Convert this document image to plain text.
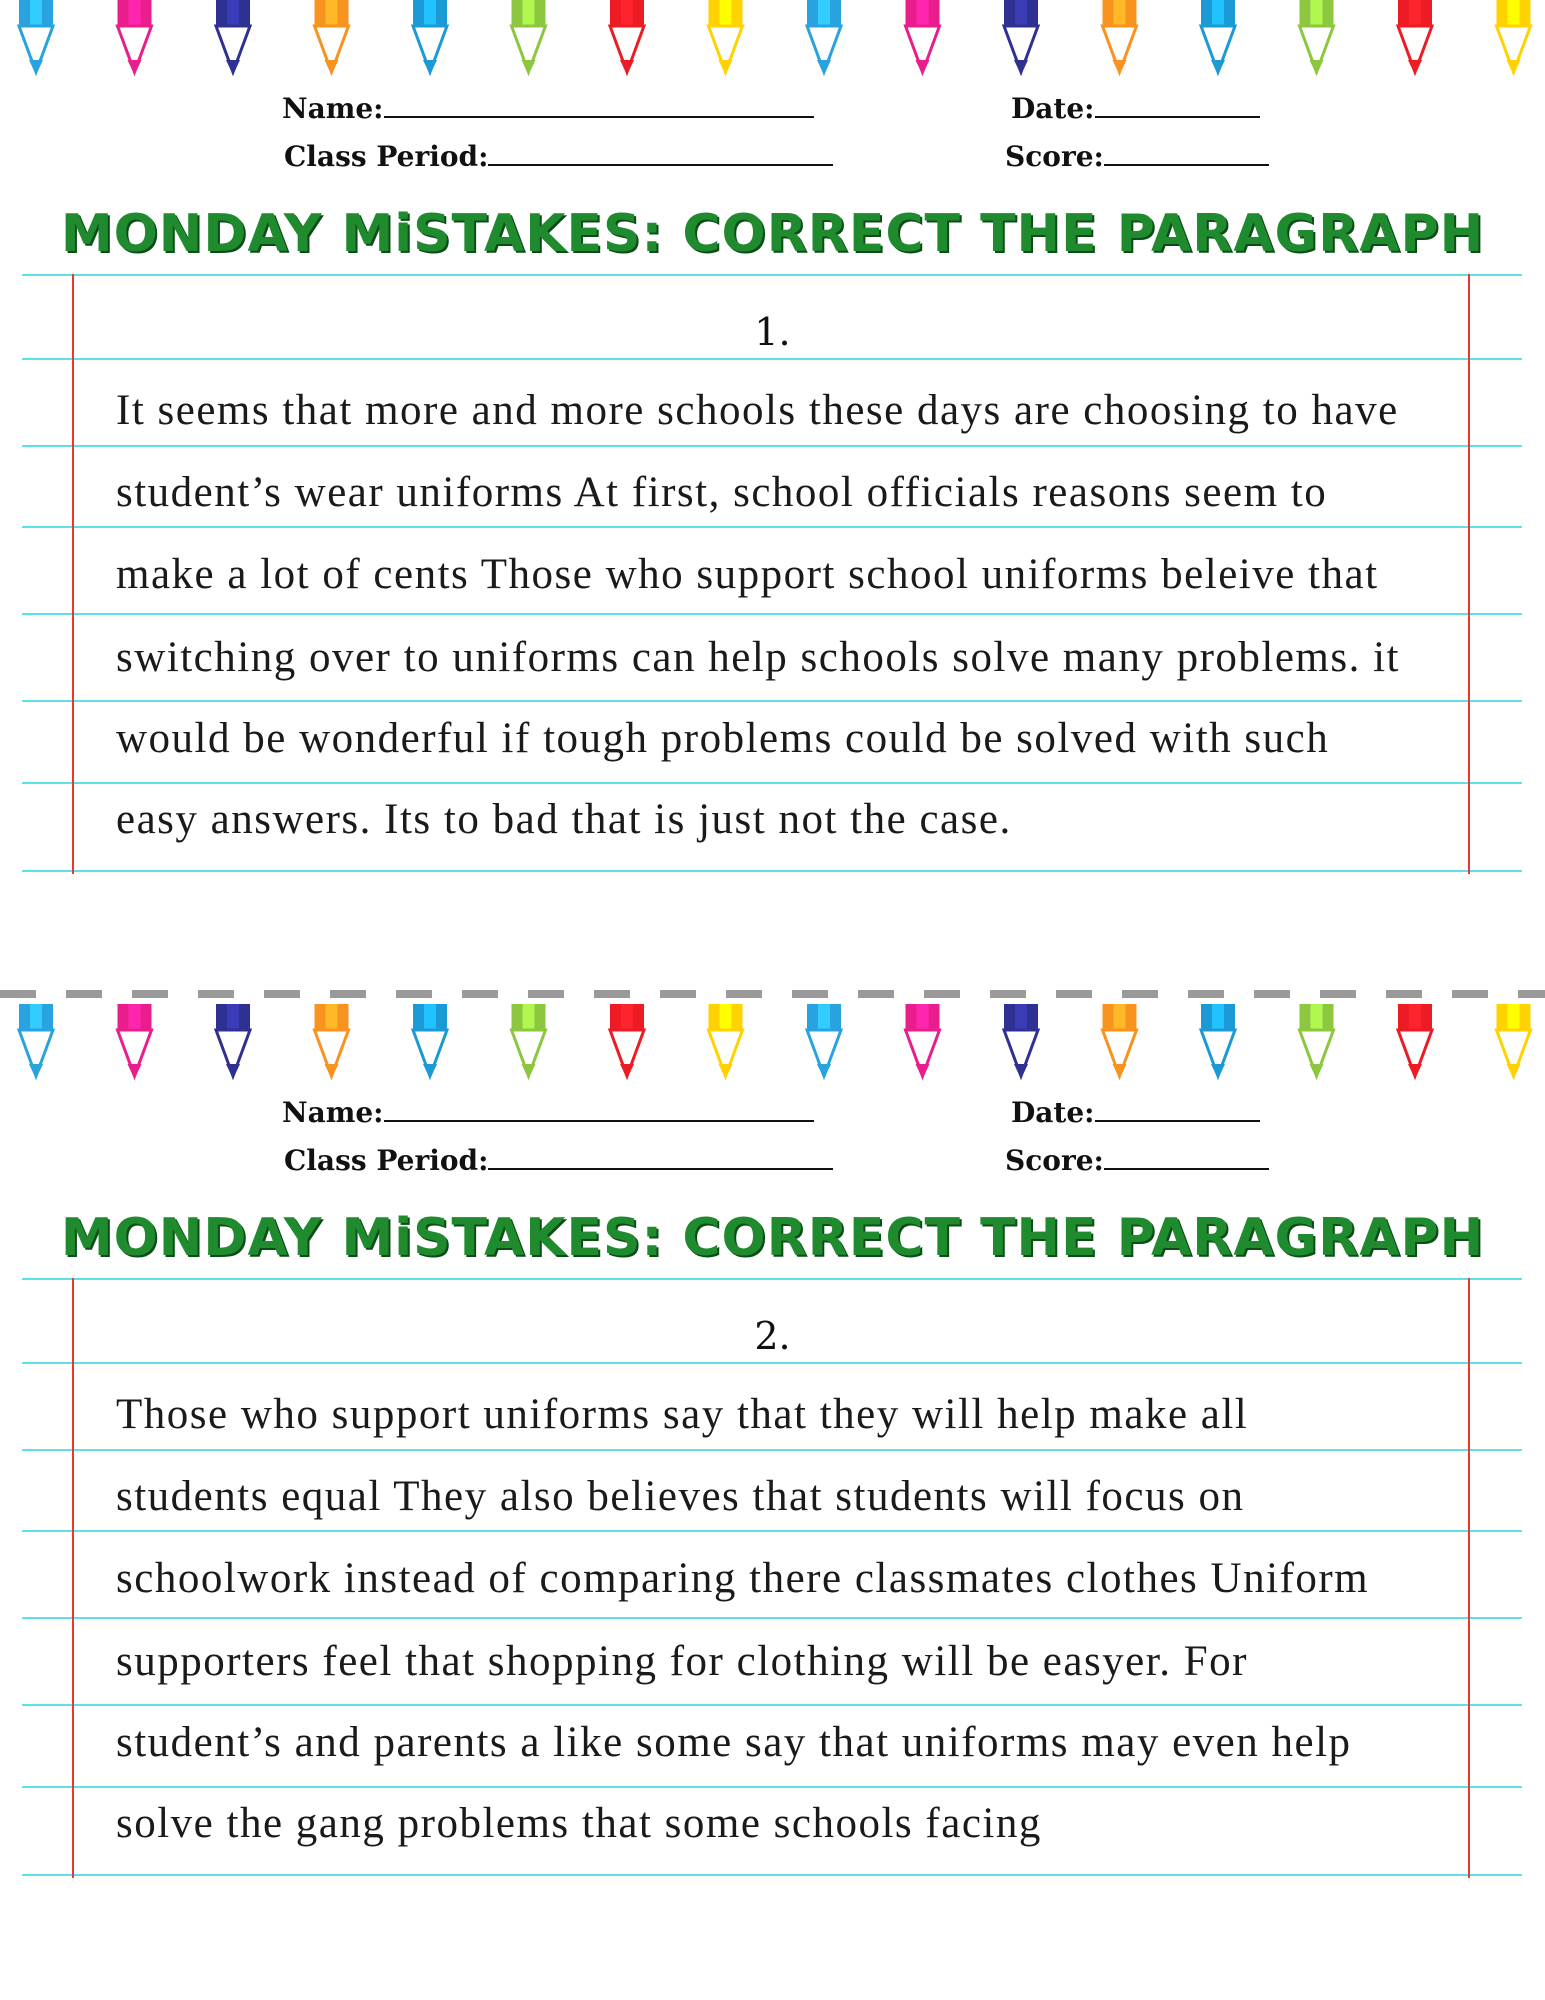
Name:	Date:
Class Period:	Score:
MONDAY MiSTAKES: CORRECT THE PARAGRAPH
1.
It seems that more and more schools these days are choosing to have
student’s wear uniforms At first, school officials reasons seem to
make a lot of cents Those who support school uniforms beleive that
switching over to uniforms can help schools solve many problems. it
would be wonderful if tough problems could be solved with such
easy answers. Its to bad that is just not the case.
Name:	Date:
Class Period:	Score:
MONDAY MiSTAKES: CORRECT THE PARAGRAPH
2.
Those who support uniforms say that they will help make all
students equal They also believes that students will focus on
schoolwork instead of comparing there classmates clothes Uniform
supporters feel that shopping for clothing will be easyer. For
student’s and parents a like some say that uniforms may even help
solve the gang problems that some schools facing
